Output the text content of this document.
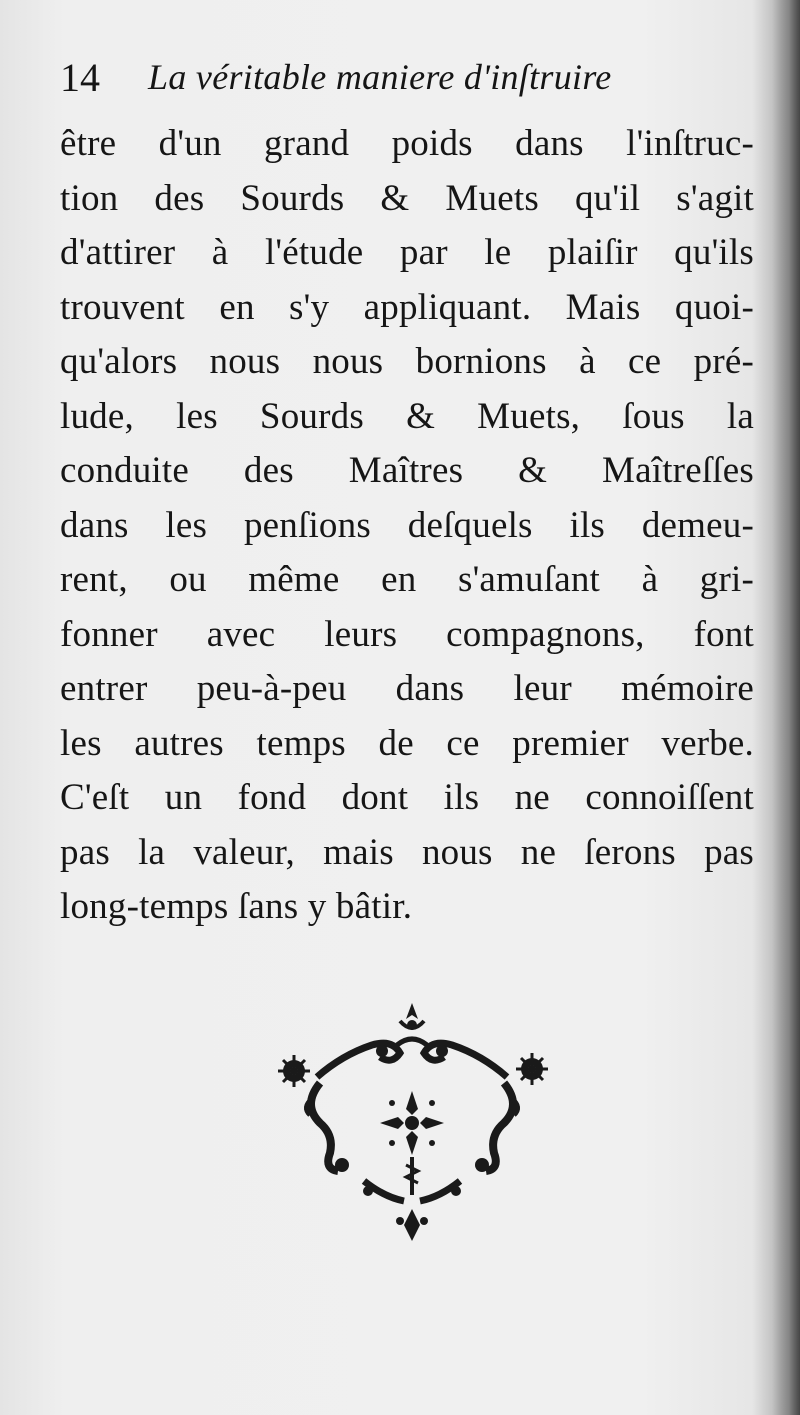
14 La véritable maniere d'inſtruire
être d'un grand poids dans l'inſtruc-
tion des Sourds & Muets qu'il s'agit
d'attirer à l'étude par le plaiſir qu'ils
trouvent en s'y appliquant. Mais quoi-
qu'alors nous nous bornions à ce pré-
lude, les Sourds & Muets, ſous la
conduite des Maîtres & Maîtreſſes
dans les penſions deſquels ils demeu-
rent, ou même en s'amuſant à gri-
fonner avec leurs compagnons, font
entrer peu-à-peu dans leur mémoire
les autres temps de ce premier verbe.
C'eſt un fond dont ils ne connoiſſent
pas la valeur, mais nous ne ſerons pas
long-temps ſans y bâtir.
